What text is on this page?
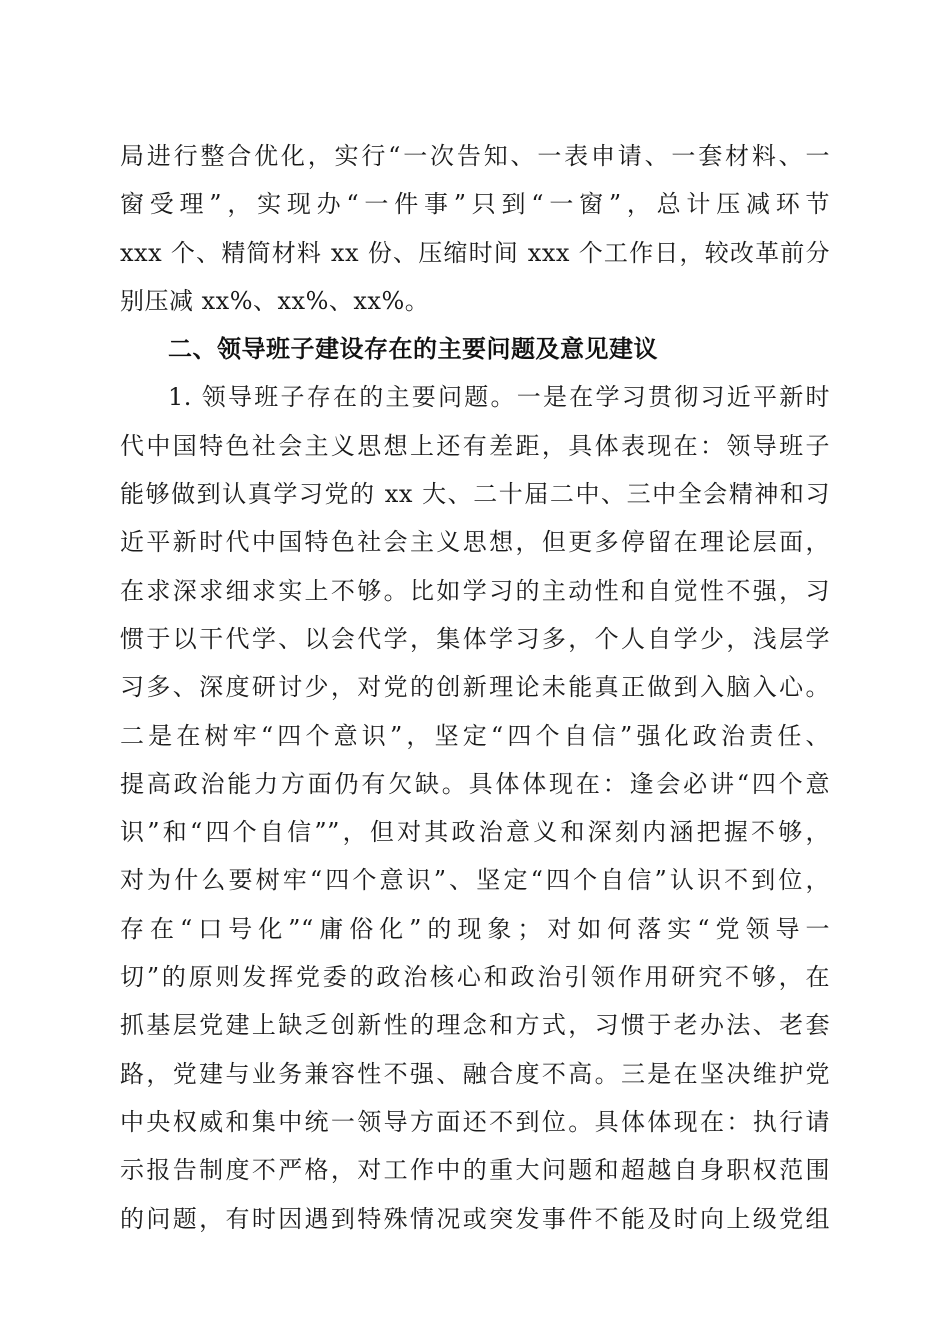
局进行整合优化，实行“一次告知、一表申请、一套材料、一
窗受理”，实现办“一件事”只到“一窗”，总计压减环节
xxx 个、精简材料 xx 份、压缩时间 xxx 个工作日，较改革前分
别压减 xx%、xx%、xx%。
二、领导班子建设存在的主要问题及意见建议
1. 领导班子存在的主要问题。一是在学习贯彻习近平新时
代中国特色社会主义思想上还有差距，具体表现在：领导班子
能够做到认真学习党的 xx 大、二十届二中、三中全会精神和习
近平新时代中国特色社会主义思想，但更多停留在理论层面，
在求深求细求实上不够。比如学习的主动性和自觉性不强，习
惯于以干代学、以会代学，集体学习多，个人自学少，浅层学
习多、深度研讨少，对党的创新理论未能真正做到入脑入心。
二是在树牢“四个意识”，坚定“四个自信”强化政治责任、
提高政治能力方面仍有欠缺。具体体现在：逢会必讲“四个意
识”和“四个自信””，但对其政治意义和深刻内涵把握不够，
对为什么要树牢“四个意识”、坚定“四个自信”认识不到位，
存在“口号化”“庸俗化”的现象；对如何落实“党领导一
切”的原则发挥党委的政治核心和政治引领作用研究不够，在
抓基层党建上缺乏创新性的理念和方式，习惯于老办法、老套
路，党建与业务兼容性不强、融合度不高。三是在坚决维护党
中央权威和集中统一领导方面还不到位。具体体现在：执行请
示报告制度不严格，对工作中的重大问题和超越自身职权范围
的问题，有时因遇到特殊情况或突发事件不能及时向上级党组
